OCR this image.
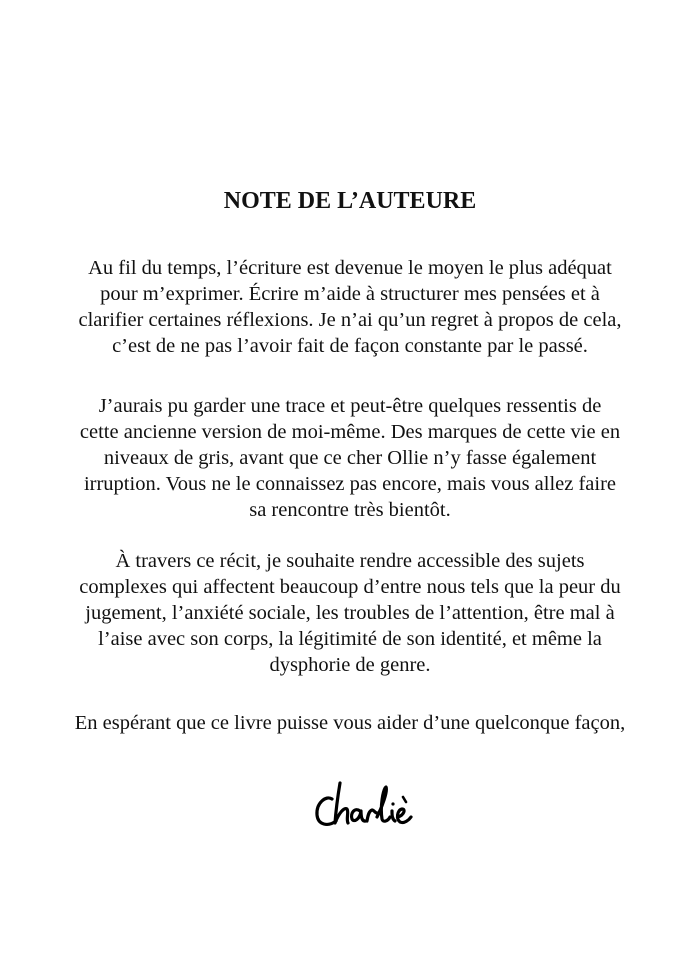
NOTE DE L’AUTEURE
Au fil du temps, l’écriture est devenue le moyen le plus adéquat
pour m’exprimer. Écrire m’aide à structurer mes pensées et à
clarifier certaines réflexions. Je n’ai qu’un regret à propos de cela,
c’est de ne pas l’avoir fait de façon constante par le passé.
J’aurais pu garder une trace et peut-être quelques ressentis de
cette ancienne version de moi-même. Des marques de cette vie en
niveaux de gris, avant que ce cher Ollie n’y fasse également
irruption. Vous ne le connaissez pas encore, mais vous allez faire
sa rencontre très bientôt.
À travers ce récit, je souhaite rendre accessible des sujets
complexes qui affectent beaucoup d’entre nous tels que la peur du
jugement, l’anxiété sociale, les troubles de l’attention, être mal à
l’aise avec son corps, la légitimité de son identité, et même la
dysphorie de genre.
En espérant que ce livre puisse vous aider d’une quelconque façon,
